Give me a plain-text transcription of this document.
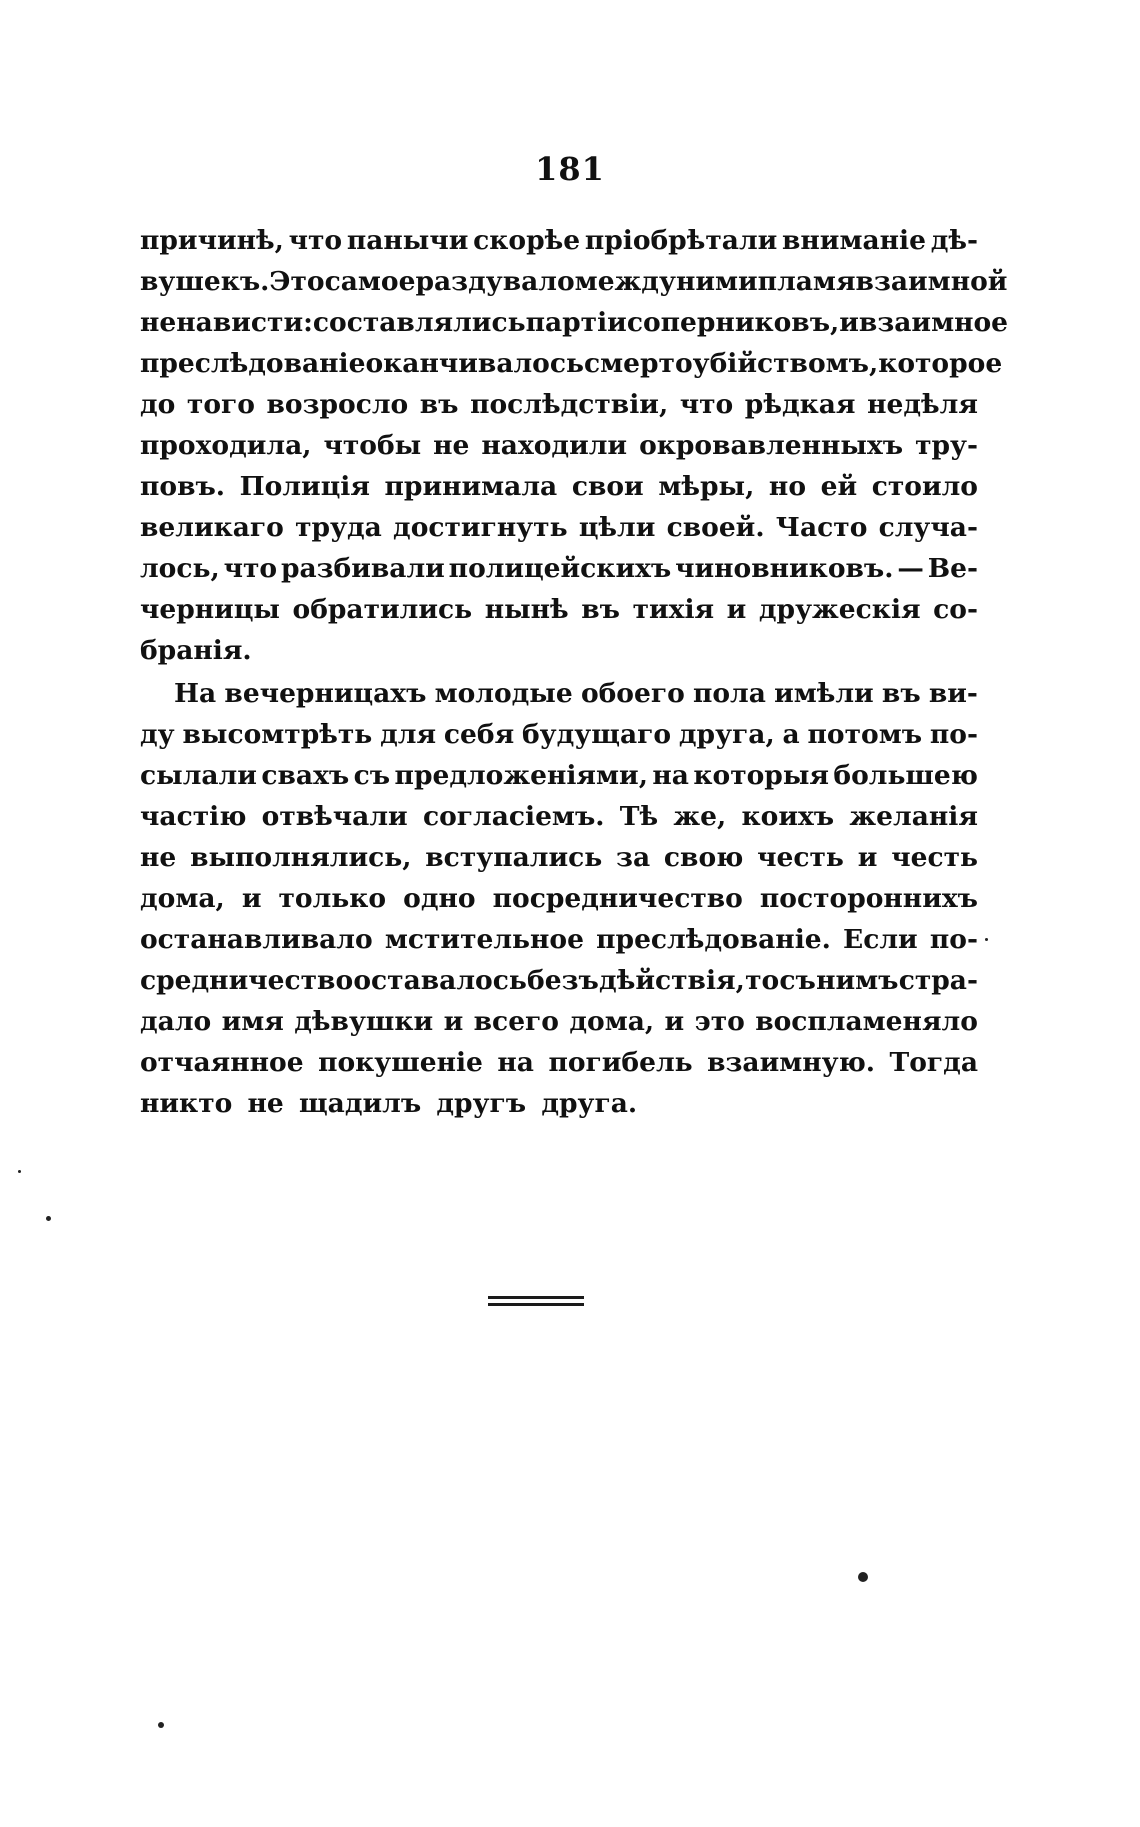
181
причинѣ, что панычи скорѣе пріобрѣтали вниманіе дѣ-
вушекъ. Это самое раздувало между ними пламя взаимной
ненависти: составлялись партіи соперниковъ, и взаимное
преслѣдованіе оканчивалось смертоубійствомъ, которое
до того возросло въ послѣдствіи, что рѣдкая недѣля
проходила, чтобы не находили окровавленныхъ тру-
повъ. Полиція принимала свои мѣры, но ей стоило
великаго труда достигнуть цѣли своей. Часто случа-
лось, что разбивали полицейскихъ чиновниковъ. — Ве-
черницы обратились нынѣ въ тихія и дружескія со-
бранія.
На вечерницахъ молодые обоего пола имѣли въ ви-
ду высомтрѣть для себя будущаго друга, а потомъ по-
сылали свахъ съ предложеніями, на которыя большею
частію отвѣчали согласіемъ. Тѣ же, коихъ желанія
не выполнялись, вступались за свою честь и честь
дома, и только одно посредничество постороннихъ
останавливало мстительное преслѣдованіе. Если по-
средничество оставалось безъ дѣйствія, то съ нимъ стра-
дало имя дѣвушки и всего дома, и это воспламеняло
отчаянное покушеніе на погибель взаимную. Тогда
никто не щадилъ другъ друга.
